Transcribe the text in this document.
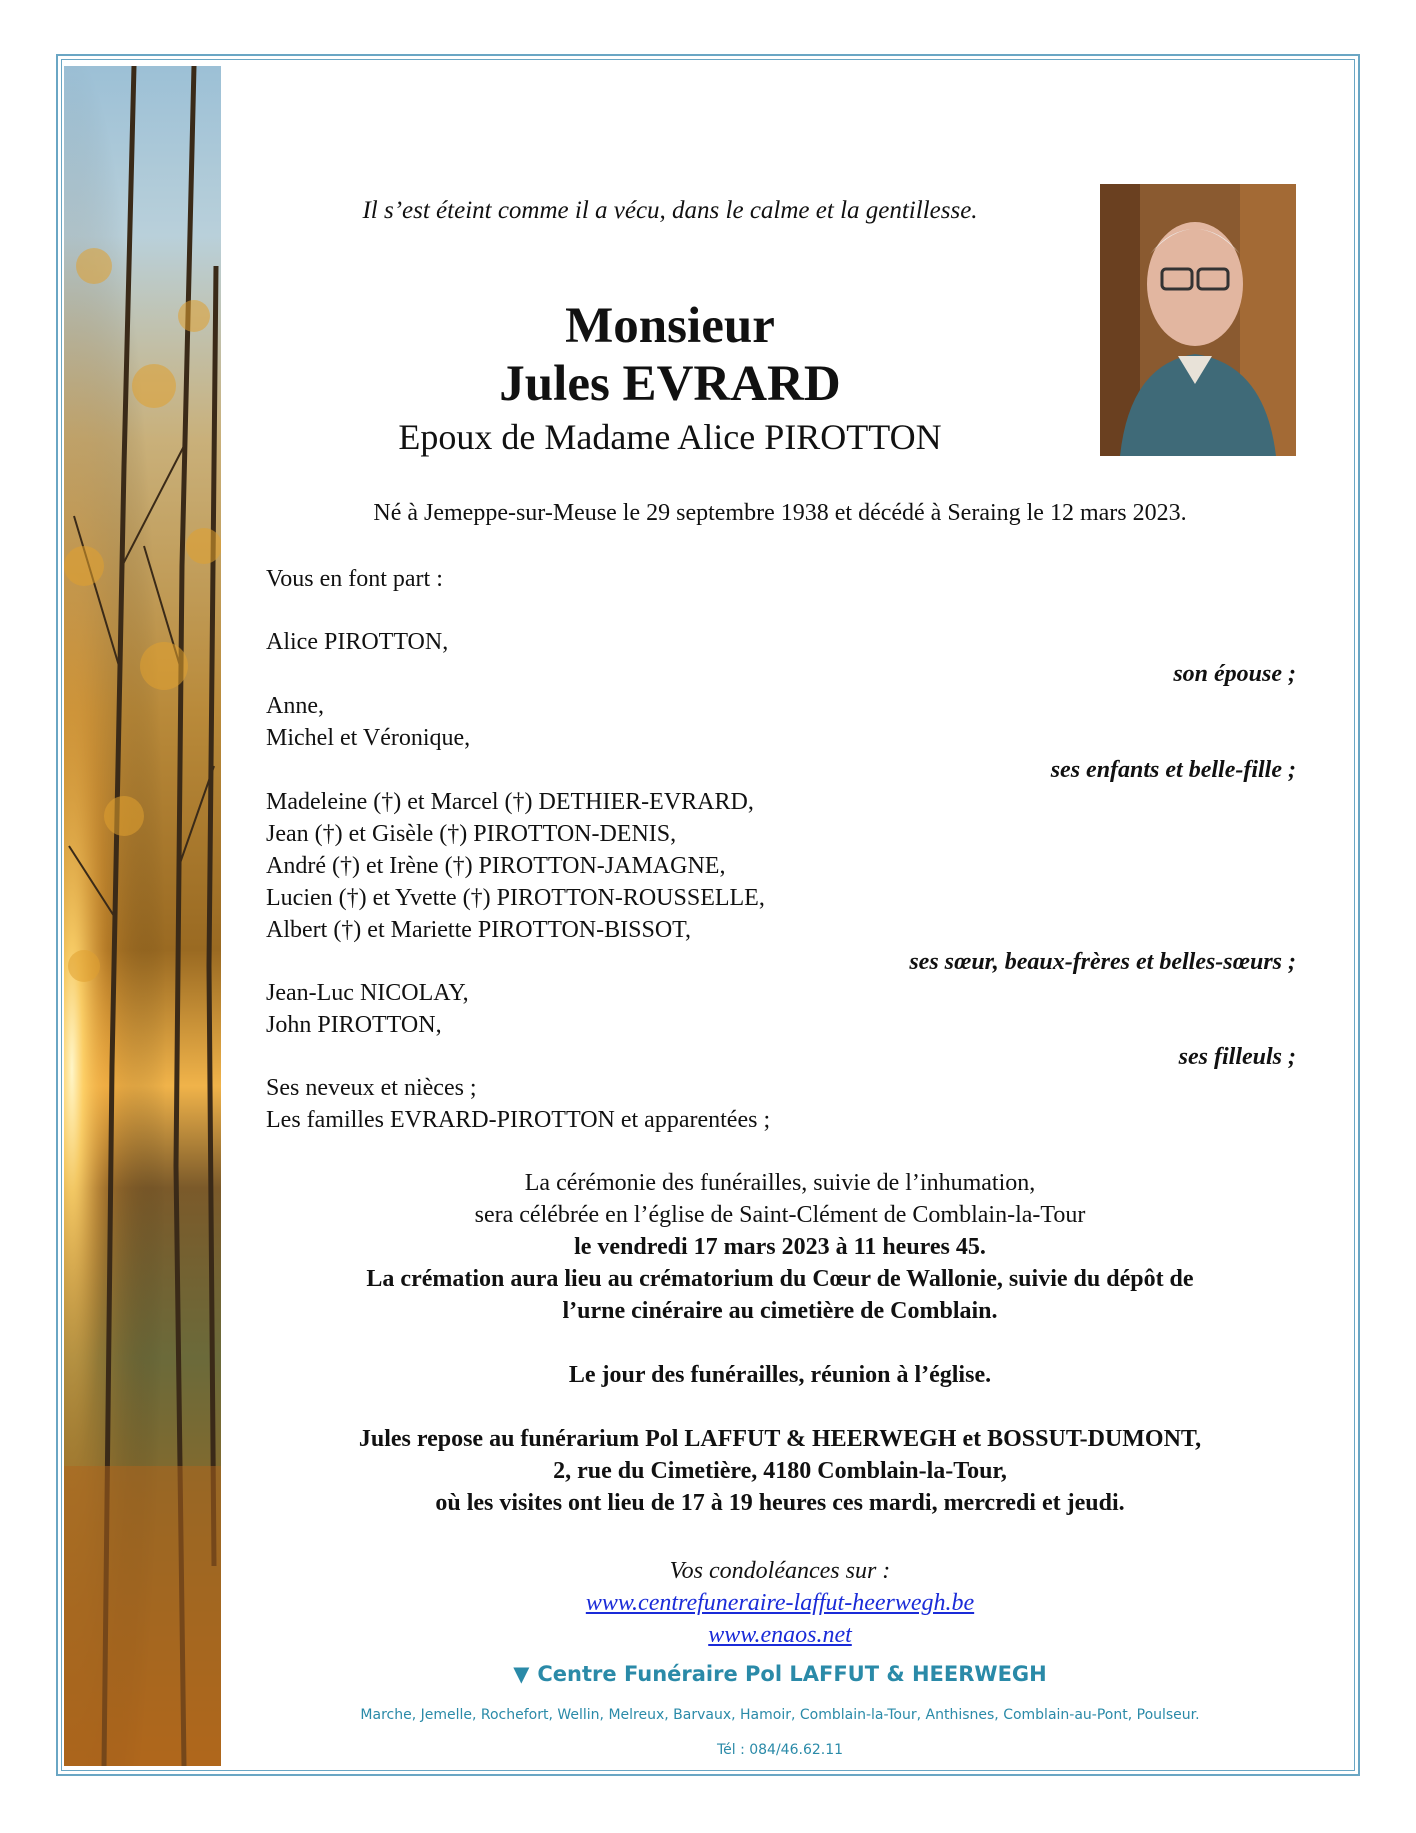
Il s’est éteint comme il a vécu, dans le calme et la gentillesse.
Monsieur
Jules EVRARD
Epoux de Madame Alice PIROTTON
Né à Jemeppe-sur-Meuse le 29 septembre 1938 et décédé à Seraing le 12 mars 2023.
Vous en font part :
Alice PIROTTON,
son épouse ;
Anne,
Michel et Véronique,
ses enfants et belle-fille ;
Madeleine (†) et Marcel (†) DETHIER-EVRARD,
Jean (†) et Gisèle (†) PIROTTON-DENIS,
André (†) et Irène (†) PIROTTON-JAMAGNE,
Lucien (†) et Yvette (†) PIROTTON-ROUSSELLE,
Albert (†) et Mariette PIROTTON-BISSOT,
ses sœur, beaux-frères et belles-sœurs ;
Jean-Luc NICOLAY,
John PIROTTON,
ses filleuls ;
Ses neveux et nièces ;
Les familles EVRARD-PIROTTON et apparentées ;
La cérémonie des funérailles, suivie de l’inhumation,
sera célébrée en l’église de Saint-Clément de Comblain-la-Tour
le vendredi 17 mars 2023 à 11 heures 45.
La crémation aura lieu au crématorium du Cœur de Wallonie, suivie du dépôt de
l’urne cinéraire au cimetière de Comblain.
Le jour des funérailles, réunion à l’église.
Jules repose au funérarium Pol LAFFUT & HEERWEGH et BOSSUT-DUMONT,
2, rue du Cimetière, 4180 Comblain-la-Tour,
où les visites ont lieu de 17 à 19 heures ces mardi, mercredi et jeudi.
Vos condoléances sur :
www.centrefuneraire-laffut-heerwegh.be
www.enaos.net
▼ Centre Funéraire Pol LAFFUT & HEERWEGH
Marche, Jemelle, Rochefort, Wellin, Melreux, Barvaux, Hamoir, Comblain-la-Tour, Anthisnes, Comblain-au-Pont, Poulseur.
Tél : 084/46.62.11
